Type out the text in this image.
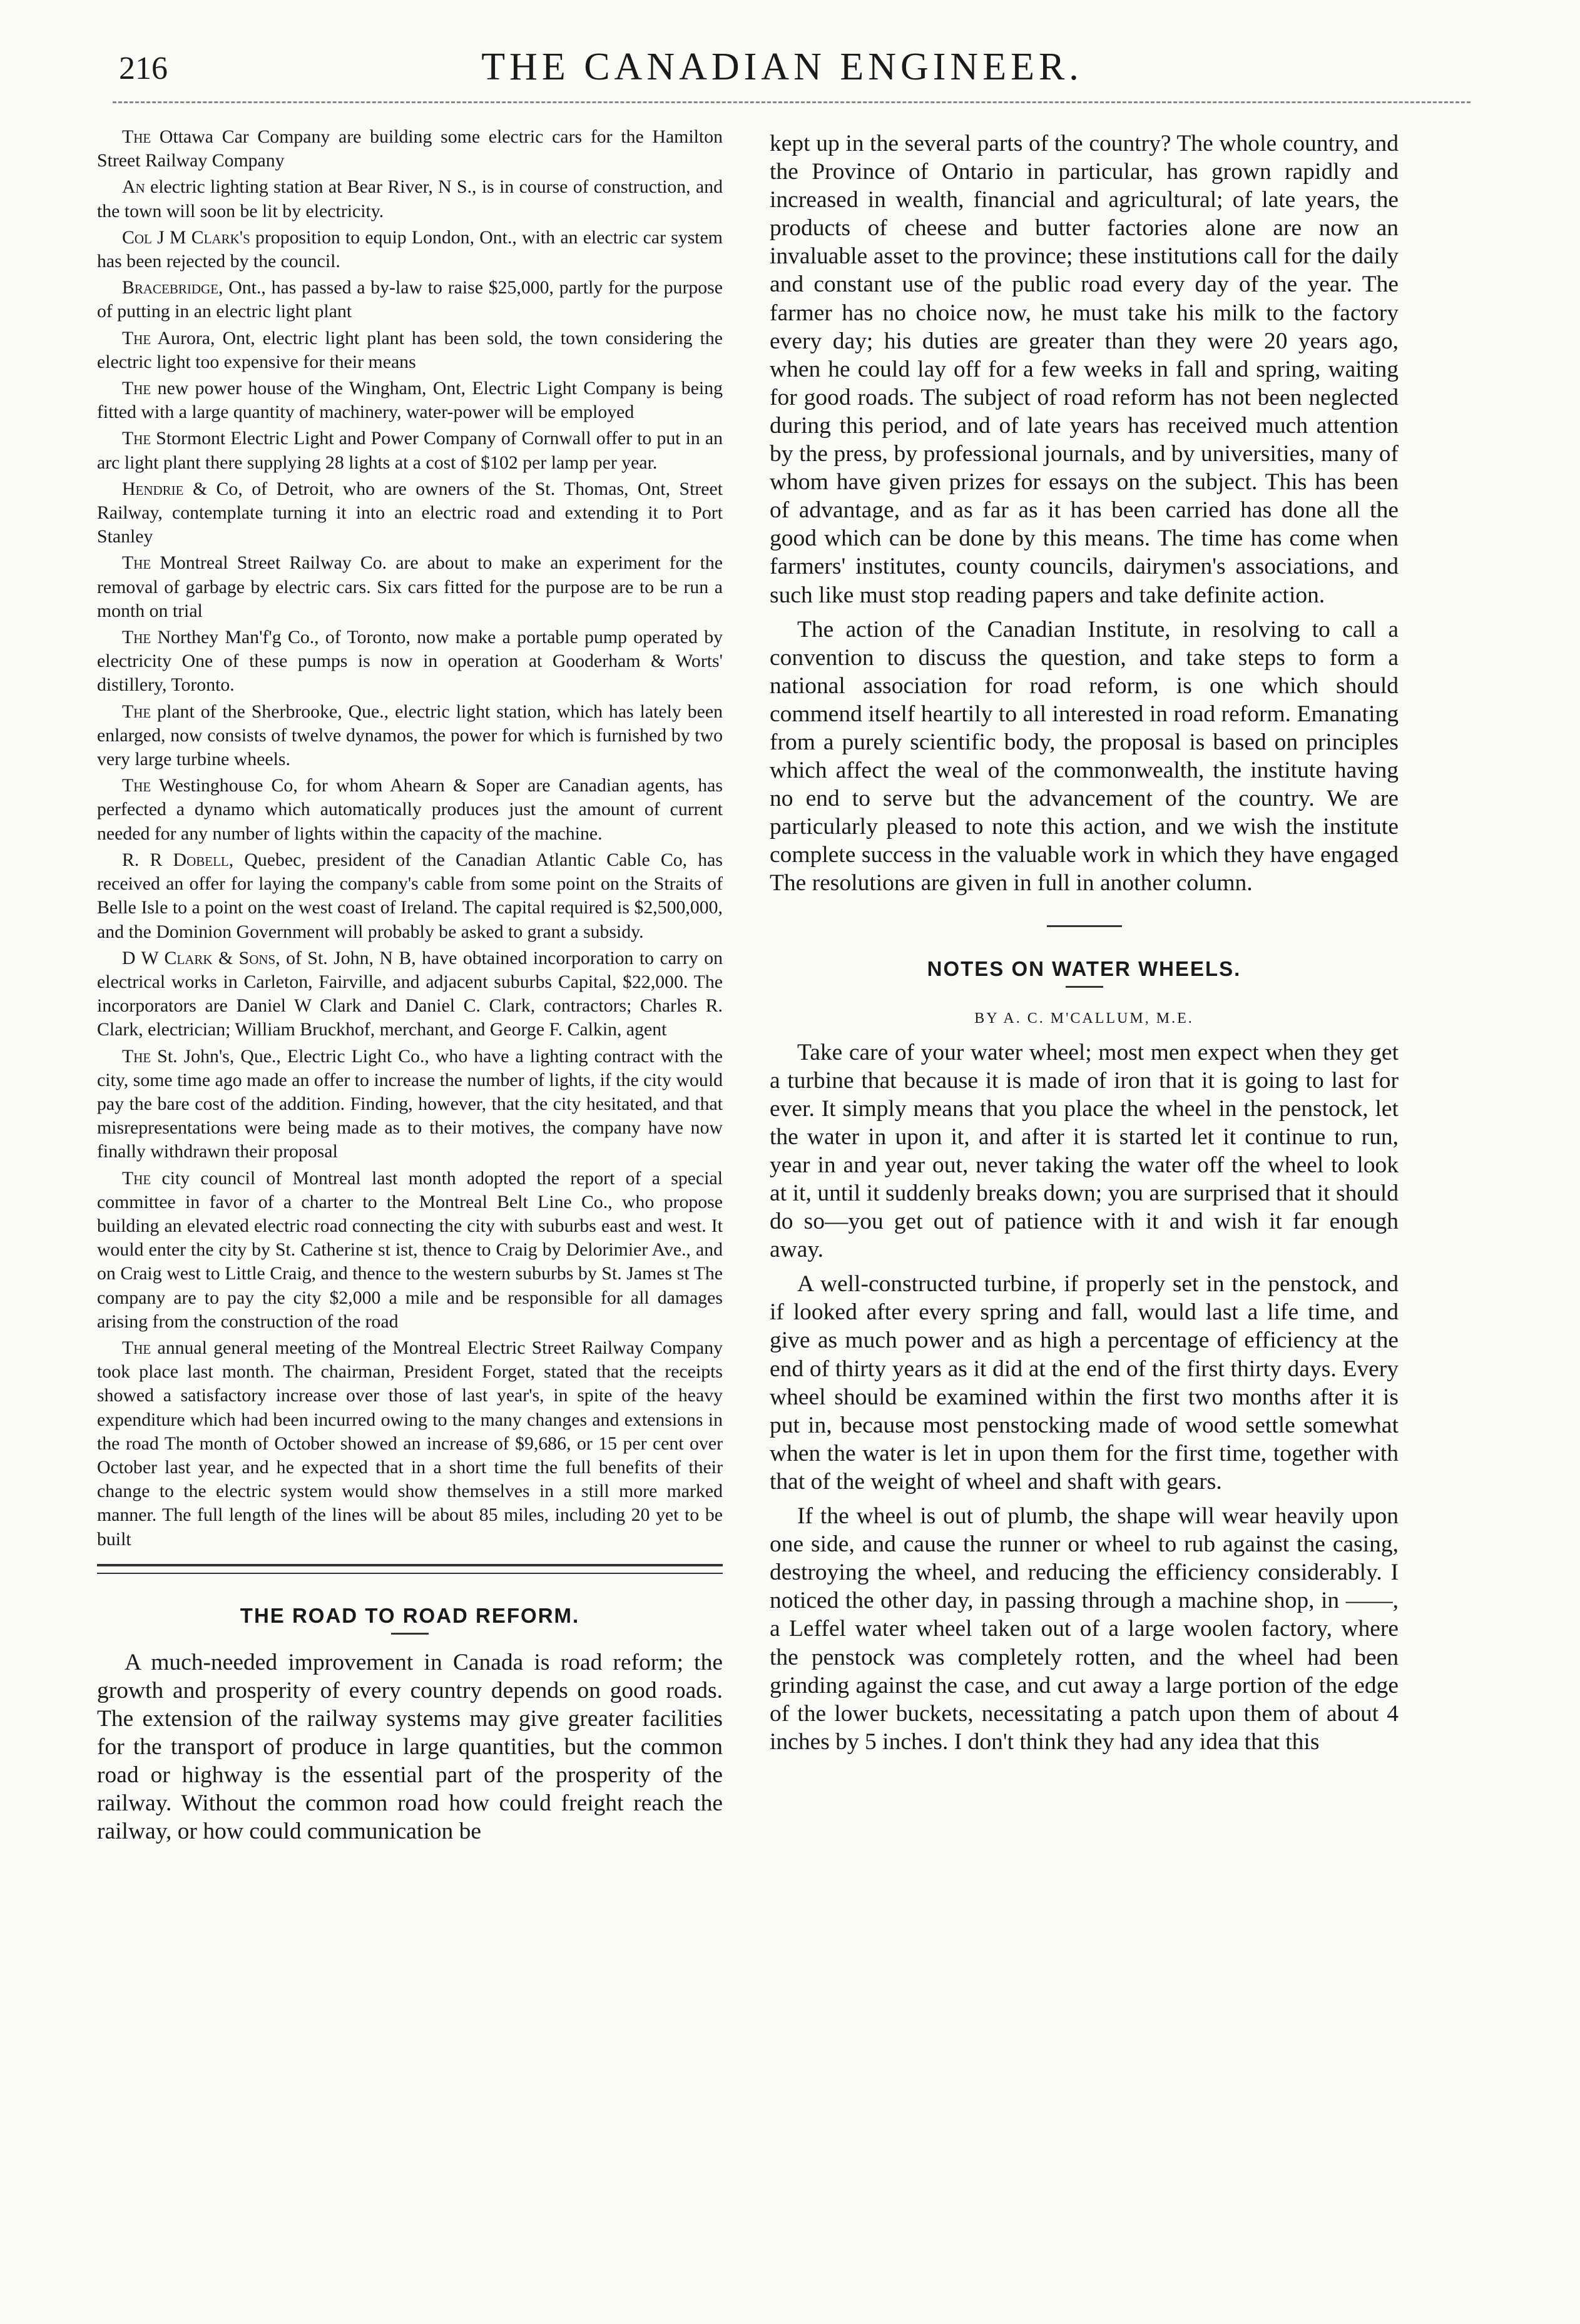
216	THE CANADIAN ENGINEER.

The Ottawa Car Company are building some electric cars for the Hamilton Street Railway Company

An electric lighting station at Bear River, N S., is in course of construction, and the town will soon be lit by electricity.

Col J M Clark's proposition to equip London, Ont., with an electric car system has been rejected by the council.

Bracebridge, Ont., has passed a by-law to raise $25,000, partly for the purpose of putting in an electric light plant

The Aurora, Ont, electric light plant has been sold, the town considering the electric light too expensive for their means

The new power house of the Wingham, Ont, Electric Light Company is being fitted with a large quantity of machinery, water-power will be employed

The Stormont Electric Light and Power Company of Cornwall offer to put in an arc light plant there supplying 28 lights at a cost of $102 per lamp per year.

Hendrie & Co, of Detroit, who are owners of the St. Thomas, Ont, Street Railway, contemplate turning it into an electric road and extending it to Port Stanley

The Montreal Street Railway Co. are about to make an experiment for the removal of garbage by electric cars. Six cars fitted for the purpose are to be run a month on trial

The Northey Man'f'g Co., of Toronto, now make a portable pump operated by electricity One of these pumps is now in operation at Gooderham & Worts' distillery, Toronto.

The plant of the Sherbrooke, Que., electric light station, which has lately been enlarged, now consists of twelve dynamos, the power for which is furnished by two very large turbine wheels.

The Westinghouse Co, for whom Ahearn & Soper are Canadian agents, has perfected a dynamo which automatically produces just the amount of current needed for any number of lights within the capacity of the machine.

R. R Dobell, Quebec, president of the Canadian Atlantic Cable Co, has received an offer for laying the company's cable from some point on the Straits of Belle Isle to a point on the west coast of Ireland. The capital required is $2,500,000, and the Dominion Government will probably be asked to grant a subsidy.

D W Clark & Sons, of St. John, N B, have obtained incorporation to carry on electrical works in Carleton, Fairville, and adjacent suburbs Capital, $22,000. The incorporators are Daniel W Clark and Daniel C. Clark, contractors; Charles R. Clark, electrician; William Bruckhof, merchant, and George F. Calkin, agent

The St. John's, Que., Electric Light Co., who have a lighting contract with the city, some time ago made an offer to increase the number of lights, if the city would pay the bare cost of the addition. Finding, however, that the city hesitated, and that misrepresentations were being made as to their motives, the company have now finally withdrawn their proposal

The city council of Montreal last month adopted the report of a special committee in favor of a charter to the Montreal Belt Line Co., who propose building an elevated electric road connecting the city with suburbs east and west. It would enter the city by St. Catherine st ist, thence to Craig by Delorimier Ave., and on Craig west to Little Craig, and thence to the western suburbs by St. James st The company are to pay the city $2,000 a mile and be responsible for all damages arising from the construction of the road

The annual general meeting of the Montreal Electric Street Railway Company took place last month. The chairman, President Forget, stated that the receipts showed a satisfactory increase over those of last year's, in spite of the heavy expenditure which had been incurred owing to the many changes and extensions in the road The month of October showed an increase of $9,686, or 15 per cent over October last year, and he expected that in a short time the full benefits of their change to the electric system would show themselves in a still more marked manner. The full length of the lines will be about 85 miles, including 20 yet to be built

THE ROAD TO ROAD REFORM.

A much-needed improvement in Canada is road reform; the growth and prosperity of every country depends on good roads. The extension of the railway systems may give greater facilities for the transport of produce in large quantities, but the common road or highway is the essential part of the prosperity of the railway. Without the common road how could freight reach the railway, or how could communication be

kept up in the several parts of the country? The whole country, and the Province of Ontario in particular, has grown rapidly and increased in wealth, financial and agricultural; of late years, the products of cheese and butter factories alone are now an invaluable asset to the province; these institutions call for the daily and constant use of the public road every day of the year. The farmer has no choice now, he must take his milk to the factory every day; his duties are greater than they were 20 years ago, when he could lay off for a few weeks in fall and spring, waiting for good roads. The subject of road reform has not been neglected during this period, and of late years has received much attention by the press, by professional journals, and by universities, many of whom have given prizes for essays on the subject. This has been of advantage, and as far as it has been carried has done all the good which can be done by this means. The time has come when farmers' institutes, county councils, dairymen's associations, and such like must stop reading papers and take definite action.

The action of the Canadian Institute, in resolving to call a convention to discuss the question, and take steps to form a national association for road reform, is one which should commend itself heartily to all interested in road reform. Emanating from a purely scientific body, the proposal is based on principles which affect the weal of the commonwealth, the institute having no end to serve but the advancement of the country. We are particularly pleased to note this action, and we wish the institute complete success in the valuable work in which they have engaged The resolutions are given in full in another column.

NOTES ON WATER WHEELS.
BY A. C. M'CALLUM, M.E.

Take care of your water wheel; most men expect when they get a turbine that because it is made of iron that it is going to last for ever. It simply means that you place the wheel in the penstock, let the water in upon it, and after it is started let it continue to run, year in and year out, never taking the water off the wheel to look at it, until it suddenly breaks down; you are surprised that it should do so—you get out of patience with it and wish it far enough away.

A well-constructed turbine, if properly set in the penstock, and if looked after every spring and fall, would last a life time, and give as much power and as high a percentage of efficiency at the end of thirty years as it did at the end of the first thirty days. Every wheel should be examined within the first two months after it is put in, because most penstocking made of wood settle somewhat when the water is let in upon them for the first time, together with that of the weight of wheel and shaft with gears.

If the wheel is out of plumb, the shape will wear heavily upon one side, and cause the runner or wheel to rub against the casing, destroying the wheel, and reducing the efficiency considerably. I noticed the other day, in passing through a machine shop, in ——, a Leffel water wheel taken out of a large woolen factory, where the penstock was completely rotten, and the wheel had been grinding against the case, and cut away a large portion of the edge of the lower buckets, necessitating a patch upon them of about 4 inches by 5 inches. I don't think they had any idea that this
